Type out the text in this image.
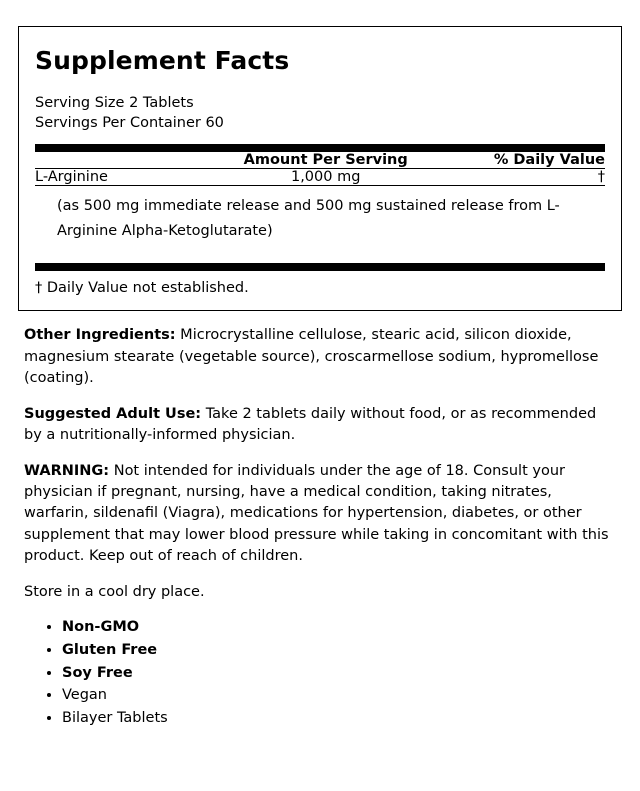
Supplement Facts
Serving Size 2 Tablets
Servings Per Container 60
	Amount Per Serving	% Daily Value
L-Arginine	1,000 mg	†
(as 500 mg immediate release and 500 mg sustained release from L-Arginine Alpha-Ketoglutarate)
† Daily Value not established.

Other Ingredients: Microcrystalline cellulose, stearic acid, silicon dioxide, magnesium stearate (vegetable source), croscarmellose sodium, hypromellose (coating).

Suggested Adult Use: Take 2 tablets daily without food, or as recommended by a nutritionally-informed physician.

WARNING: Not intended for individuals under the age of 18. Consult your physician if pregnant, nursing, have a medical condition, taking nitrates, warfarin, sildenafil (Viagra), medications for hypertension, diabetes, or other supplement that may lower blood pressure while taking in concomitant with this product. Keep out of reach of children.

Store in a cool dry place.

• Non-GMO
• Gluten Free
• Soy Free
• Vegan
• Bilayer Tablets
